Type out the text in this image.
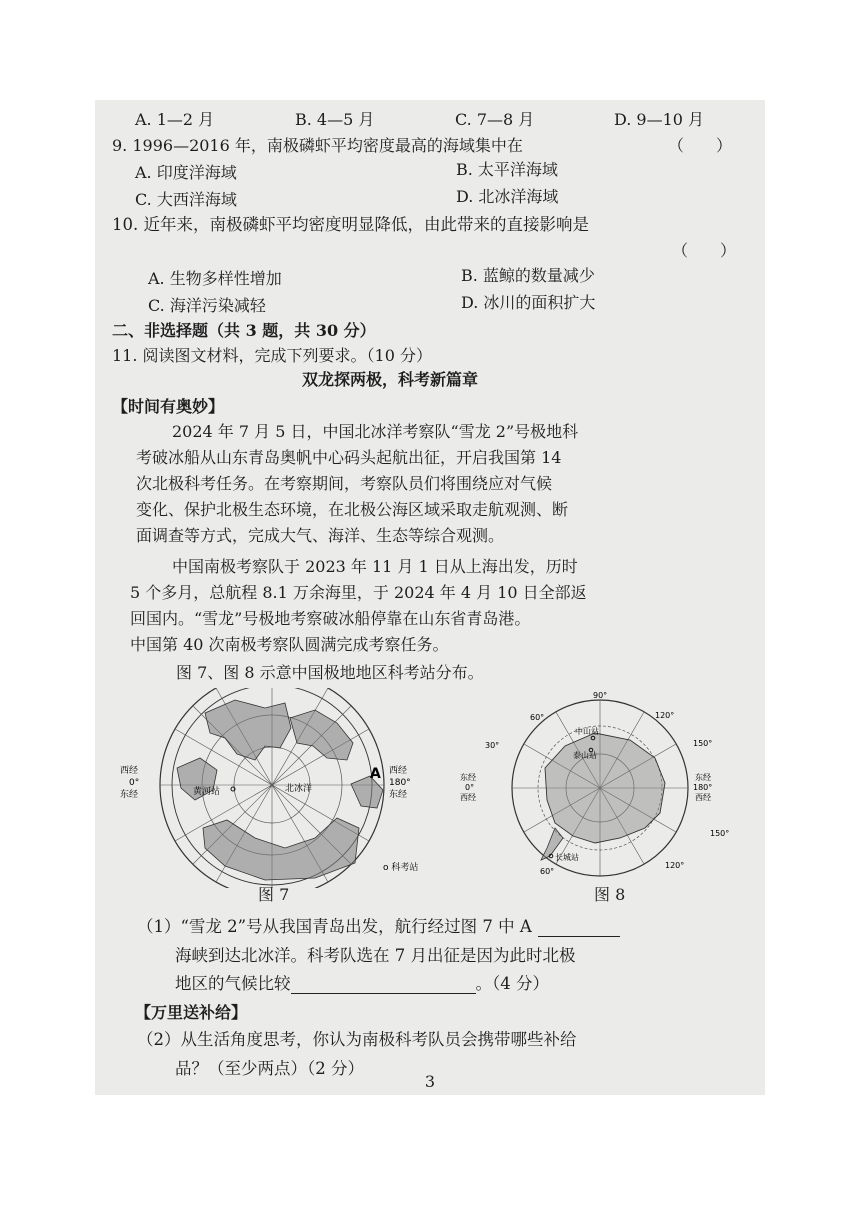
A. 1—2 月	B. 4—5 月	C. 7—8 月	D. 9—10 月
9. 1996—2016 年，南极磷虾平均密度最高的海域集中在	（　　）
A. 印度洋海域	B. 太平洋海域
C. 大西洋海域	D. 北冰洋海域
10. 近年来，南极磷虾平均密度明显降低，由此带来的直接影响是
（　　）
A. 生物多样性增加	B. 蓝鲸的数量减少
C. 海洋污染减轻	D. 冰川的面积扩大
二、非选择题（共 3 题，共 30 分）
11. 阅读图文材料，完成下列要求。（10 分）
双龙探两极，科考新篇章
【时间有奥妙】
2024 年 7 月 5 日，中国北冰洋考察队“雪龙 2”号极地科
考破冰船从山东青岛奥帆中心码头起航出征，开启我国第 14
次北极科考任务。在考察期间，考察队员们将围绕应对气候
变化、保护北极生态环境，在北极公海区域采取走航观测、断
面调查等方式，完成大气、海洋、生态等综合观测。
中国南极考察队于 2023 年 11 月 1 日从上海出发，历时
5 个多月，总航程 8.1 万余海里，于 2024 年 4 月 10 日全部返
回国内。“雪龙”号极地考察破冰船停靠在山东省青岛港。
中国第 40 次南极考察队圆满完成考察任务。
图 7、图 8 示意中国极地地区科考站分布。
西经
0°
东经
西经
180°
东经
黄河站	北冰洋
A
o 科考站
图 7
90°
60°	120°
30°	150°
150°
120°
60°
东经
0°
西经
东经
180°
西经
中山站
泰山站
长城站
图 8
（1）“雪龙 2”号从我国青岛出发，航行经过图 7 中 A
海峡到达北冰洋。科考队选在 7 月出征是因为此时北极
地区的气候比较	。（4 分）
【万里送补给】
（2）从生活角度思考，你认为南极科考队员会携带哪些补给
品？（至少两点）（2 分）
3
